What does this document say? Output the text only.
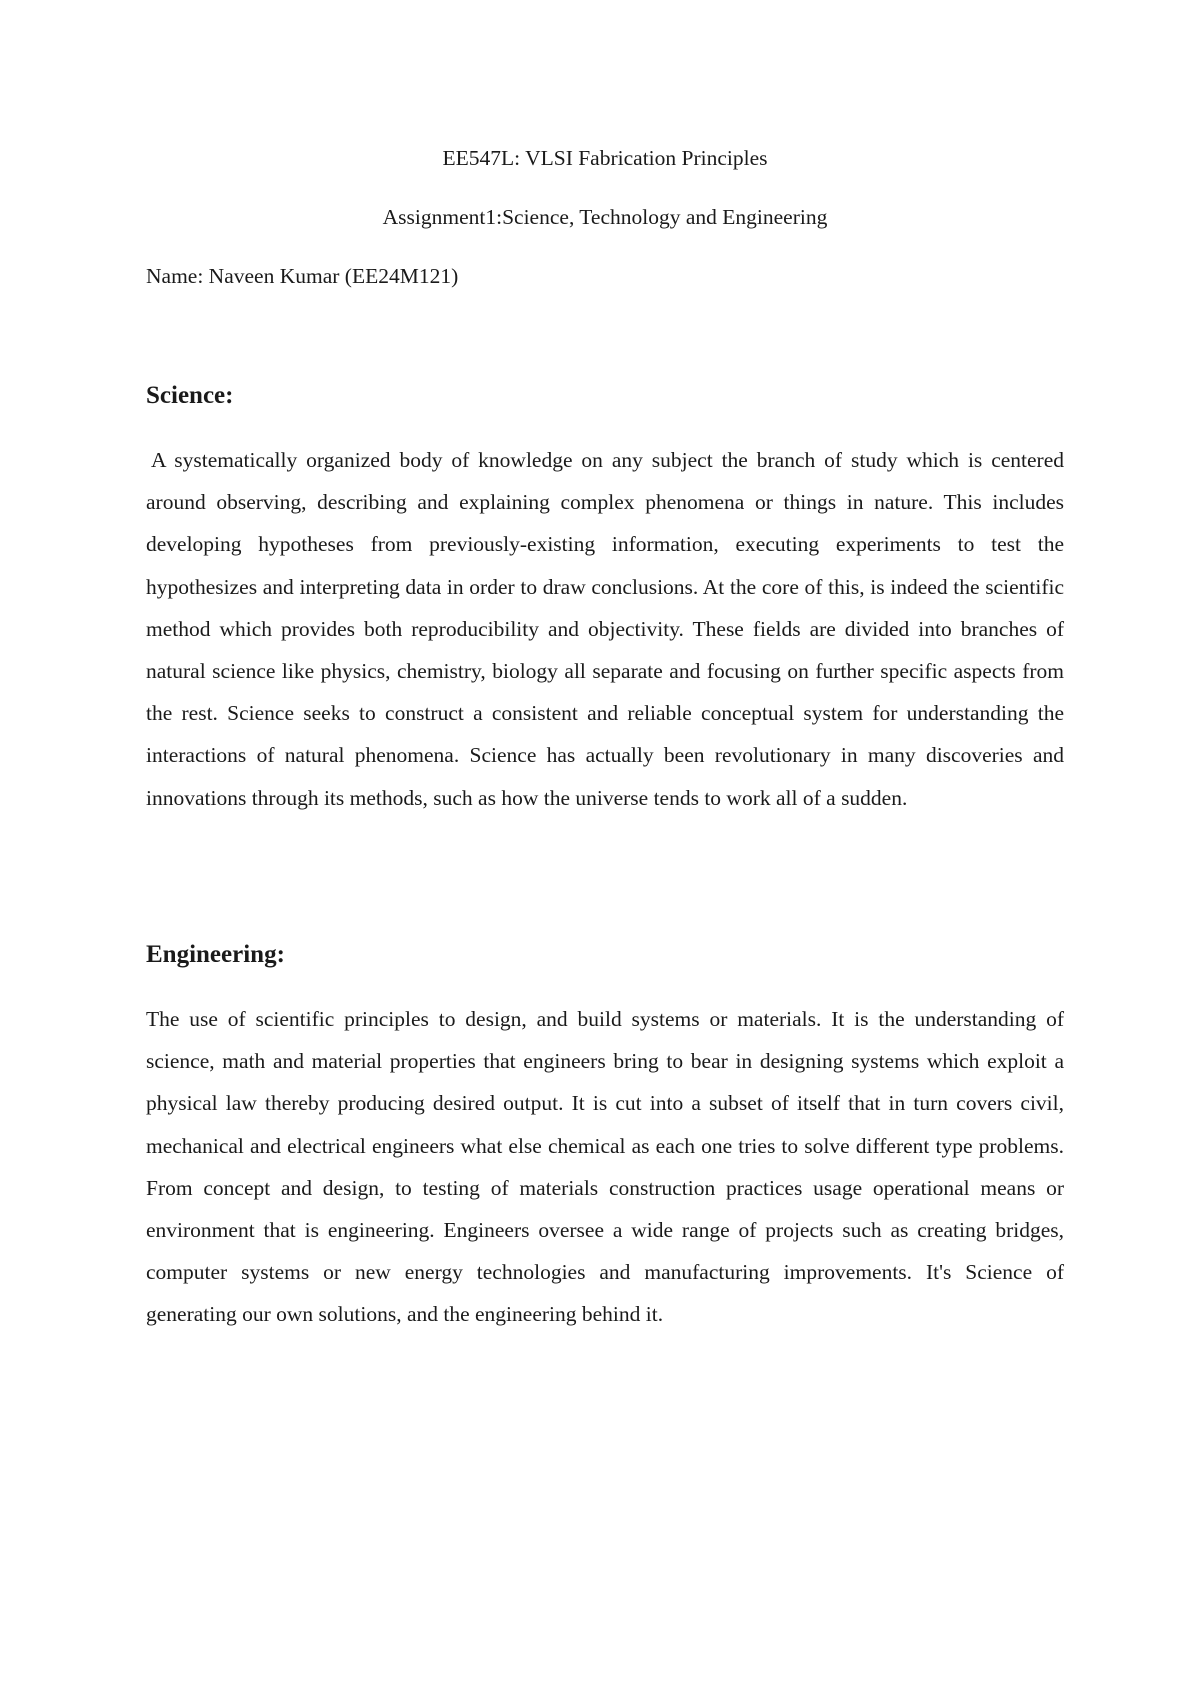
EE547L: VLSI Fabrication Principles

Assignment1:Science, Technology and Engineering

Name: Naveen Kumar (EE24M121)

Science:

A systematically organized body of knowledge on any subject the branch of study which is centered around observing, describing and explaining complex phenomena or things in nature. This includes developing hypotheses from previously-existing information, executing experiments to test the hypothesizes and interpreting data in order to draw conclusions. At the core of this, is indeed the scientific method which provides both reproducibility and objectivity. These fields are divided into branches of natural science like physics, chemistry, biology all separate and focusing on further specific aspects from the rest. Science seeks to construct a consistent and reliable conceptual system for understanding the interactions of natural phenomena. Science has actually been revolutionary in many discoveries and innovations through its methods, such as how the universe tends to work all of a sudden.

Engineering:

The use of scientific principles to design, and build systems or materials. It is the understanding of science, math and material properties that engineers bring to bear in designing systems which exploit a physical law thereby producing desired output. It is cut into a subset of itself that in turn covers civil, mechanical and electrical engineers what else chemical as each one tries to solve different type problems. From concept and design, to testing of materials construction practices usage operational means or environment that is engineering. Engineers oversee a wide range of projects such as creating bridges, computer systems or new energy technologies and manufacturing improvements. It's Science of generating our own solutions, and the engineering behind it.
